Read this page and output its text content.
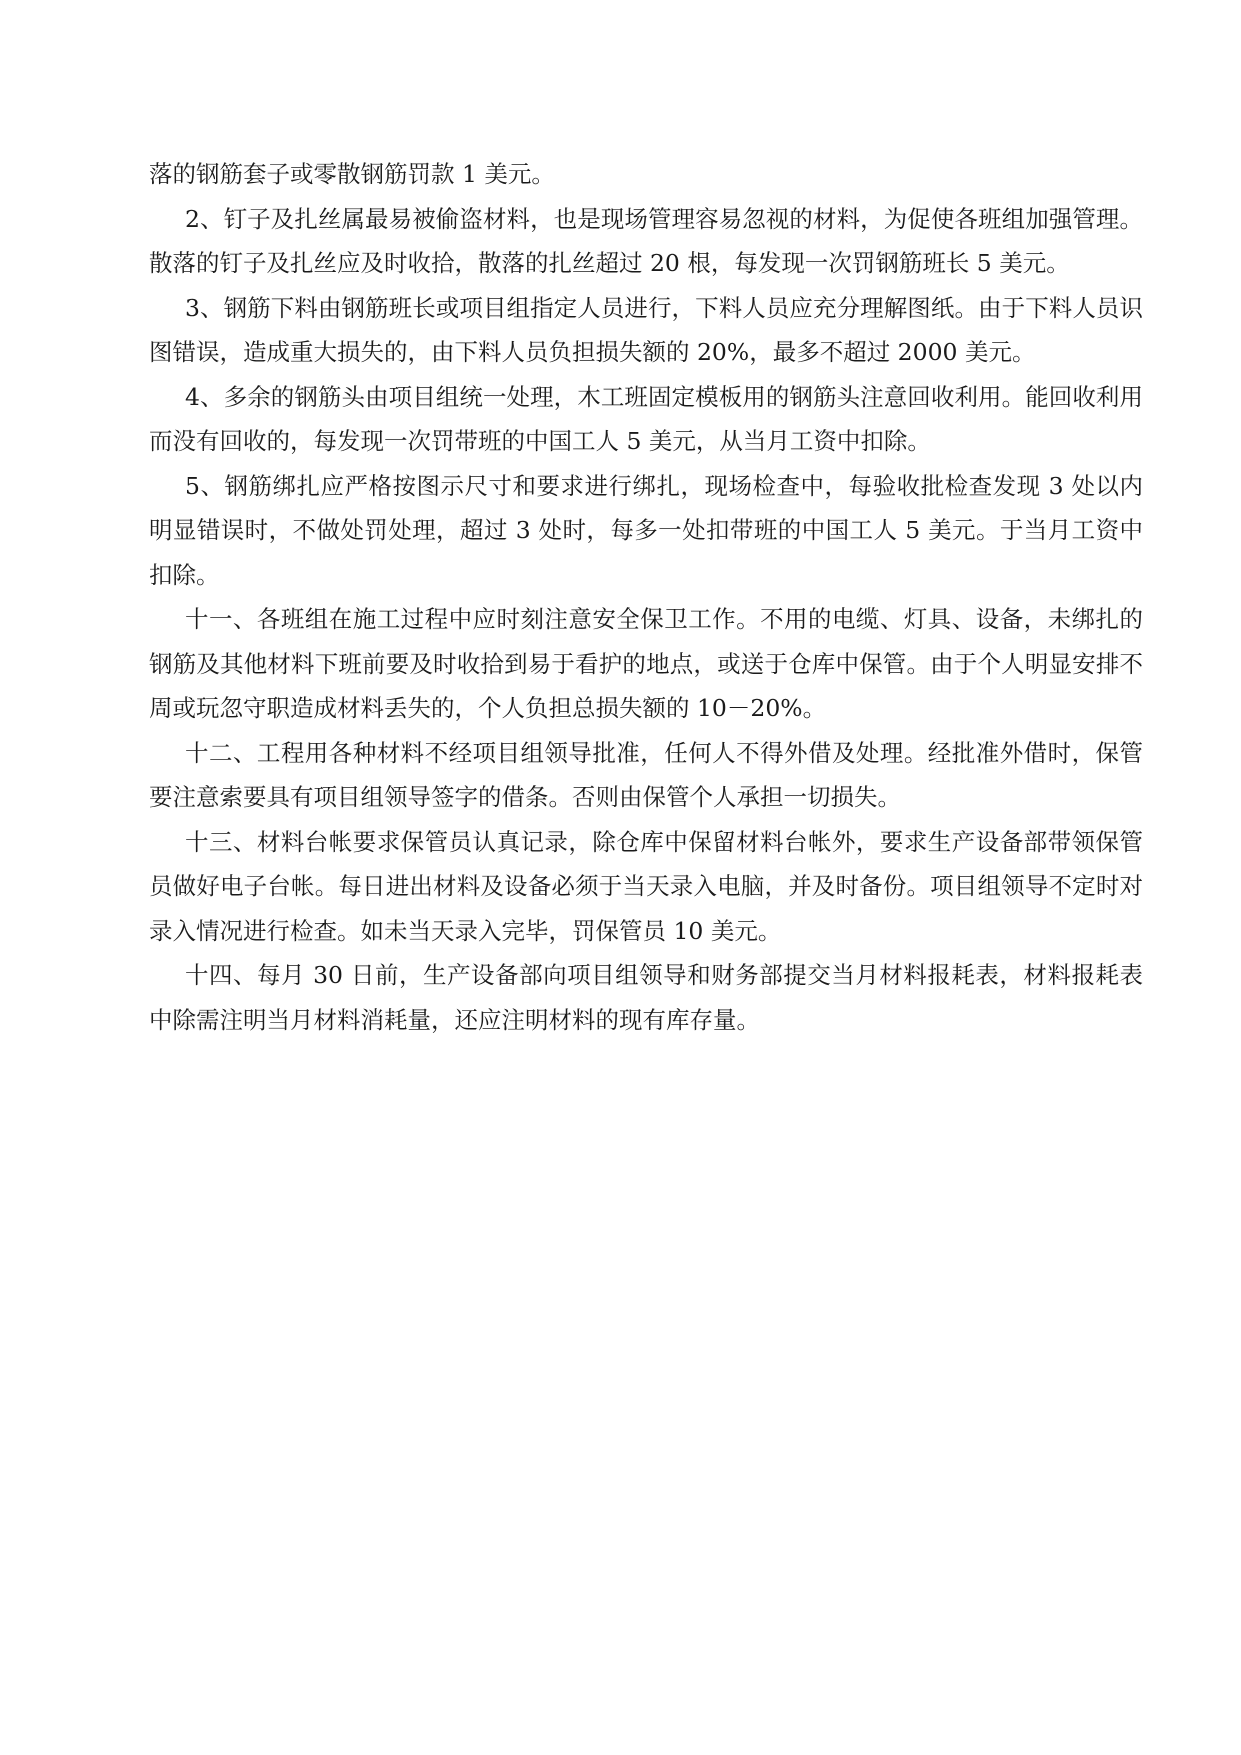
落的钢筋套子或零散钢筋罚款 1 美元。

2、钉子及扎丝属最易被偷盗材料，也是现场管理容易忽视的材料，为促使各班组加强管理。散落的钉子及扎丝应及时收拾，散落的扎丝超过 20 根，每发现一次罚钢筋班长 5 美元。

3、钢筋下料由钢筋班长或项目组指定人员进行，下料人员应充分理解图纸。由于下料人员识图错误，造成重大损失的，由下料人员负担损失额的 20%，最多不超过 2000 美元。

4、多余的钢筋头由项目组统一处理，木工班固定模板用的钢筋头注意回收利用。能回收利用而没有回收的，每发现一次罚带班的中国工人 5 美元，从当月工资中扣除。

5、钢筋绑扎应严格按图示尺寸和要求进行绑扎，现场检查中，每验收批检查发现 3 处以内明显错误时，不做处罚处理，超过 3 处时，每多一处扣带班的中国工人 5 美元。于当月工资中扣除。

十一、各班组在施工过程中应时刻注意安全保卫工作。不用的电缆、灯具、设备，未绑扎的钢筋及其他材料下班前要及时收拾到易于看护的地点，或送于仓库中保管。由于个人明显安排不周或玩忽守职造成材料丢失的，个人负担总损失额的 10－20%。

十二、工程用各种材料不经项目组领导批准，任何人不得外借及处理。经批准外借时，保管要注意索要具有项目组领导签字的借条。否则由保管个人承担一切损失。

十三、材料台帐要求保管员认真记录，除仓库中保留材料台帐外，要求生产设备部带领保管员做好电子台帐。每日进出材料及设备必须于当天录入电脑，并及时备份。项目组领导不定时对录入情况进行检查。如未当天录入完毕，罚保管员 10 美元。

十四、每月 30 日前，生产设备部向项目组领导和财务部提交当月材料报耗表，材料报耗表中除需注明当月材料消耗量，还应注明材料的现有库存量。
